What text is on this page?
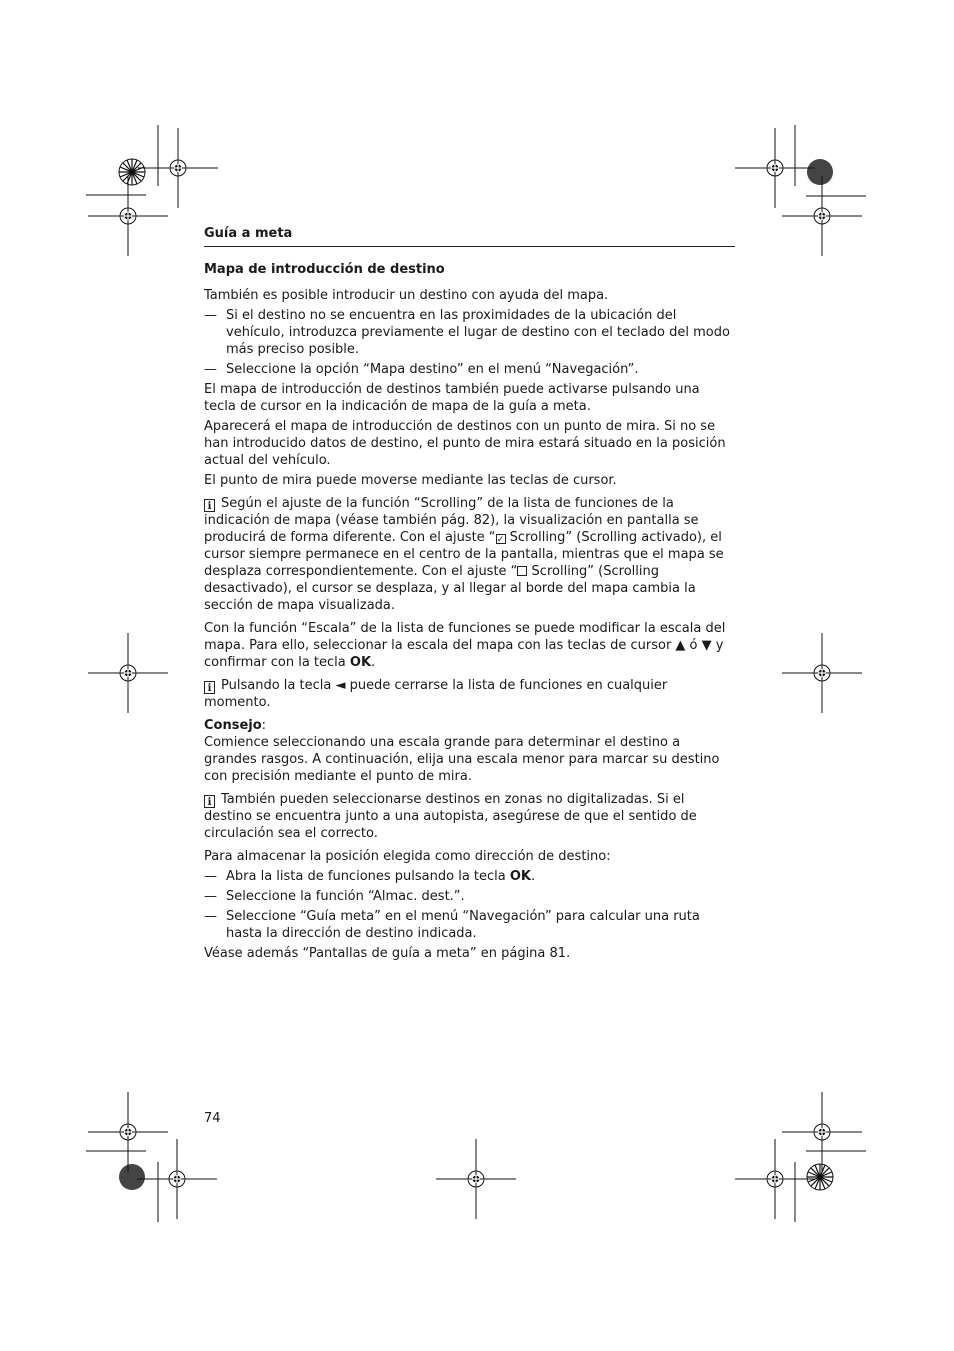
Guía a meta
Mapa de introducción de destino

También es posible introducir un destino con ayuda del mapa.

— Si el destino no se encuentra en las proximidades de la ubicación del vehículo, introduzca previamente el lugar de destino con el teclado del modo más preciso posible.
— Seleccione la opción “Mapa destino” en el menú “Navegación”.

El mapa de introducción de destinos también puede activarse pulsando una tecla de cursor en la indicación de mapa de la guía a meta.

Aparecerá el mapa de introducción de destinos con un punto de mira. Si no se han introducido datos de destino, el punto de mira estará situado en la posición actual del vehículo.

El punto de mira puede moverse mediante las teclas de cursor.

i Según el ajuste de la función “Scrolling” de la lista de funciones de la indicación de mapa (véase también pág. 82), la visualización en pantalla se producirá de forma diferente. Con el ajuste “✓ Scrolling” (Scrolling activado), el cursor siempre permanece en el centro de la pantalla, mientras que el mapa se desplaza correspondientemente. Con el ajuste “ Scrolling” (Scrolling desactivado), el cursor se desplaza, y al llegar al borde del mapa cambia la sección de mapa visualizada.

Con la función “Escala” de la lista de funciones se puede modificar la escala del mapa. Para ello, seleccionar la escala del mapa con las teclas de cursor ▲ ó ▼ y confirmar con la tecla OK.

i Pulsando la tecla ◄ puede cerrarse la lista de funciones en cualquier momento.

Consejo:
Comience seleccionando una escala grande para determinar el destino a grandes rasgos. A continuación, elija una escala menor para marcar su destino con precisión mediante el punto de mira.

i También pueden seleccionarse destinos en zonas no digitalizadas. Si el destino se encuentra junto a una autopista, asegúrese de que el sentido de circulación sea el correcto.

Para almacenar la posición elegida como dirección de destino:

— Abra la lista de funciones pulsando la tecla OK.
— Seleccione la función “Almac. dest.”.
— Seleccione “Guía meta” en el menú “Navegación” para calcular una ruta hasta la dirección de destino indicada.

Véase además “Pantallas de guía a meta” en página 81.

74
